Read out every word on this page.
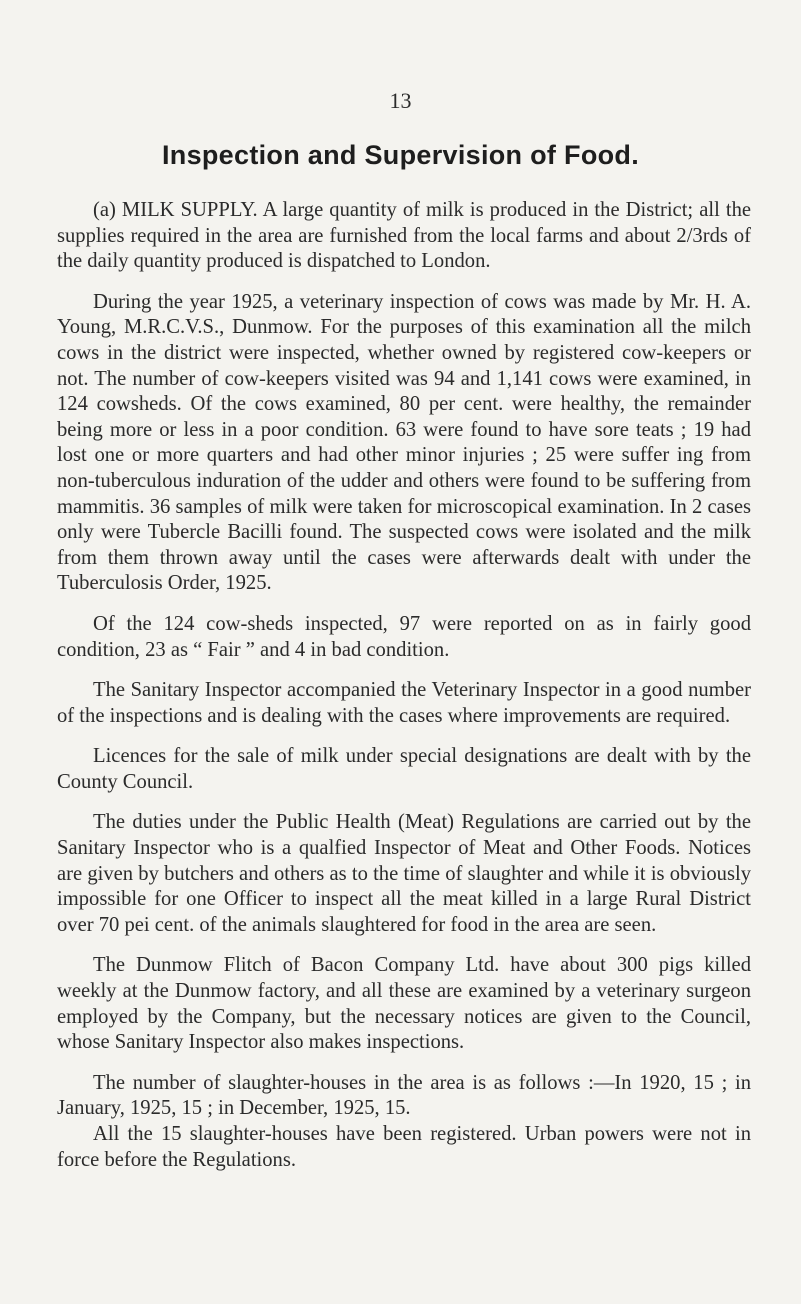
13
Inspection and Supervision of Food.

(a) MILK SUPPLY. A large quantity of milk is produced in the District; all the supplies required in the area are furnished from the local farms and about 2/3rds of the daily quantity produced is dispatched to London.

During the year 1925, a veterinary inspection of cows was made by Mr. H. A. Young, M.R.C.V.S., Dunmow. For the purposes of this examination all the milch cows in the district were inspected, whether owned by registered cow-keepers or not. The number of cow-keepers visited was 94 and 1,141 cows were examined, in 124 cowsheds. Of the cows examined, 80 per cent. were healthy, the remainder being more or less in a poor condition. 63 were found to have sore teats ; 19 had lost one or more quarters and had other minor injuries ; 25 were suffer ing from non-tuberculous induration of the udder and others were found to be suffering from mammitis. 36 samples of milk were taken for microscopical examination. In 2 cases only were Tubercle Bacilli found. The suspected cows were isolated and the milk from them thrown away until the cases were afterwards dealt with under the Tuberculosis Order, 1925.

Of the 124 cow-sheds inspected, 97 were reported on as in fairly good condition, 23 as “ Fair ” and 4 in bad condition.

The Sanitary Inspector accompanied the Veterinary Inspector in a good number of the inspections and is dealing with the cases where improvements are required.

Licences for the sale of milk under special designations are dealt with by the County Council.

The duties under the Public Health (Meat) Regulations are carried out by the Sanitary Inspector who is a qualfied Inspector of Meat and Other Foods. Notices are given by butchers and others as to the time of slaughter and while it is obviously impossible for one Officer to inspect all the meat killed in a large Rural District over 70 pei cent. of the animals slaughtered for food in the area are seen.

The Dunmow Flitch of Bacon Company Ltd. have about 300 pigs killed weekly at the Dunmow factory, and all these are examined by a veterinary surgeon employed by the Company, but the necessary notices are given to the Council, whose Sanitary Inspector also makes inspections.

The number of slaughter-houses in the area is as follows :—In 1920, 15 ; in January, 1925, 15 ; in December, 1925, 15.

All the 15 slaughter-houses have been registered. Urban powers were not in force before the Regulations.
